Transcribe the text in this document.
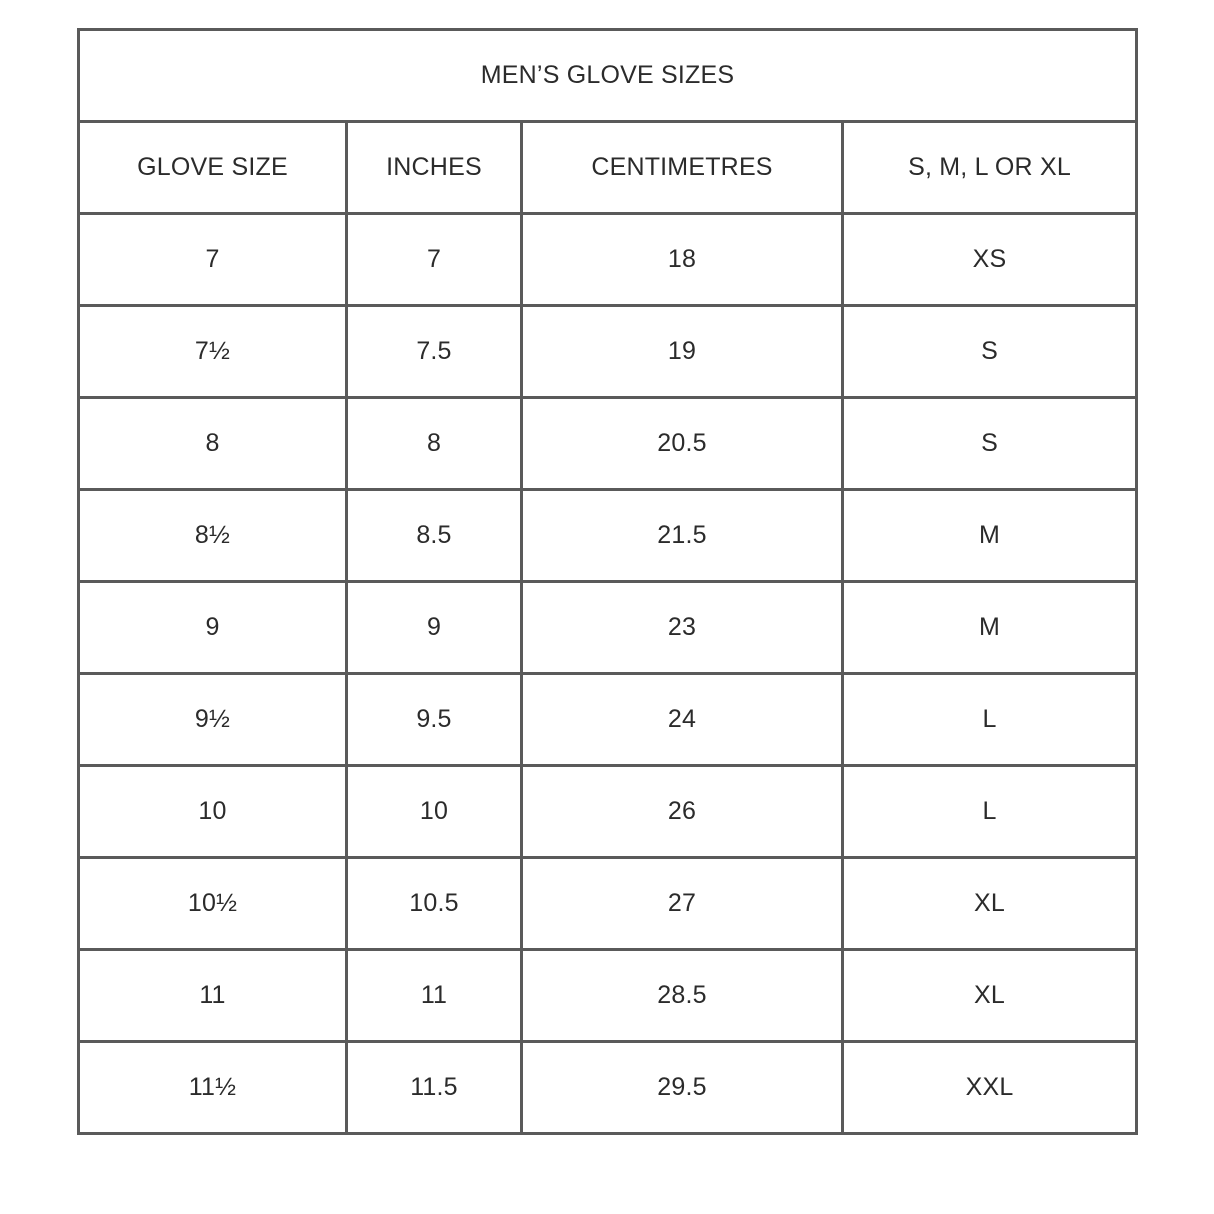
MEN’S GLOVE SIZES			
GLOVE SIZE	INCHES	CENTIMETRES	S, M, L OR XL
7	7	18	XS
7½	7.5	19	S
8	8	20.5	S
8½	8.5	21.5	M
9	9	23	M
9½	9.5	24	L
10	10	26	L
10½	10.5	27	XL
11	11	28.5	XL
11½	11.5	29.5	XXL
